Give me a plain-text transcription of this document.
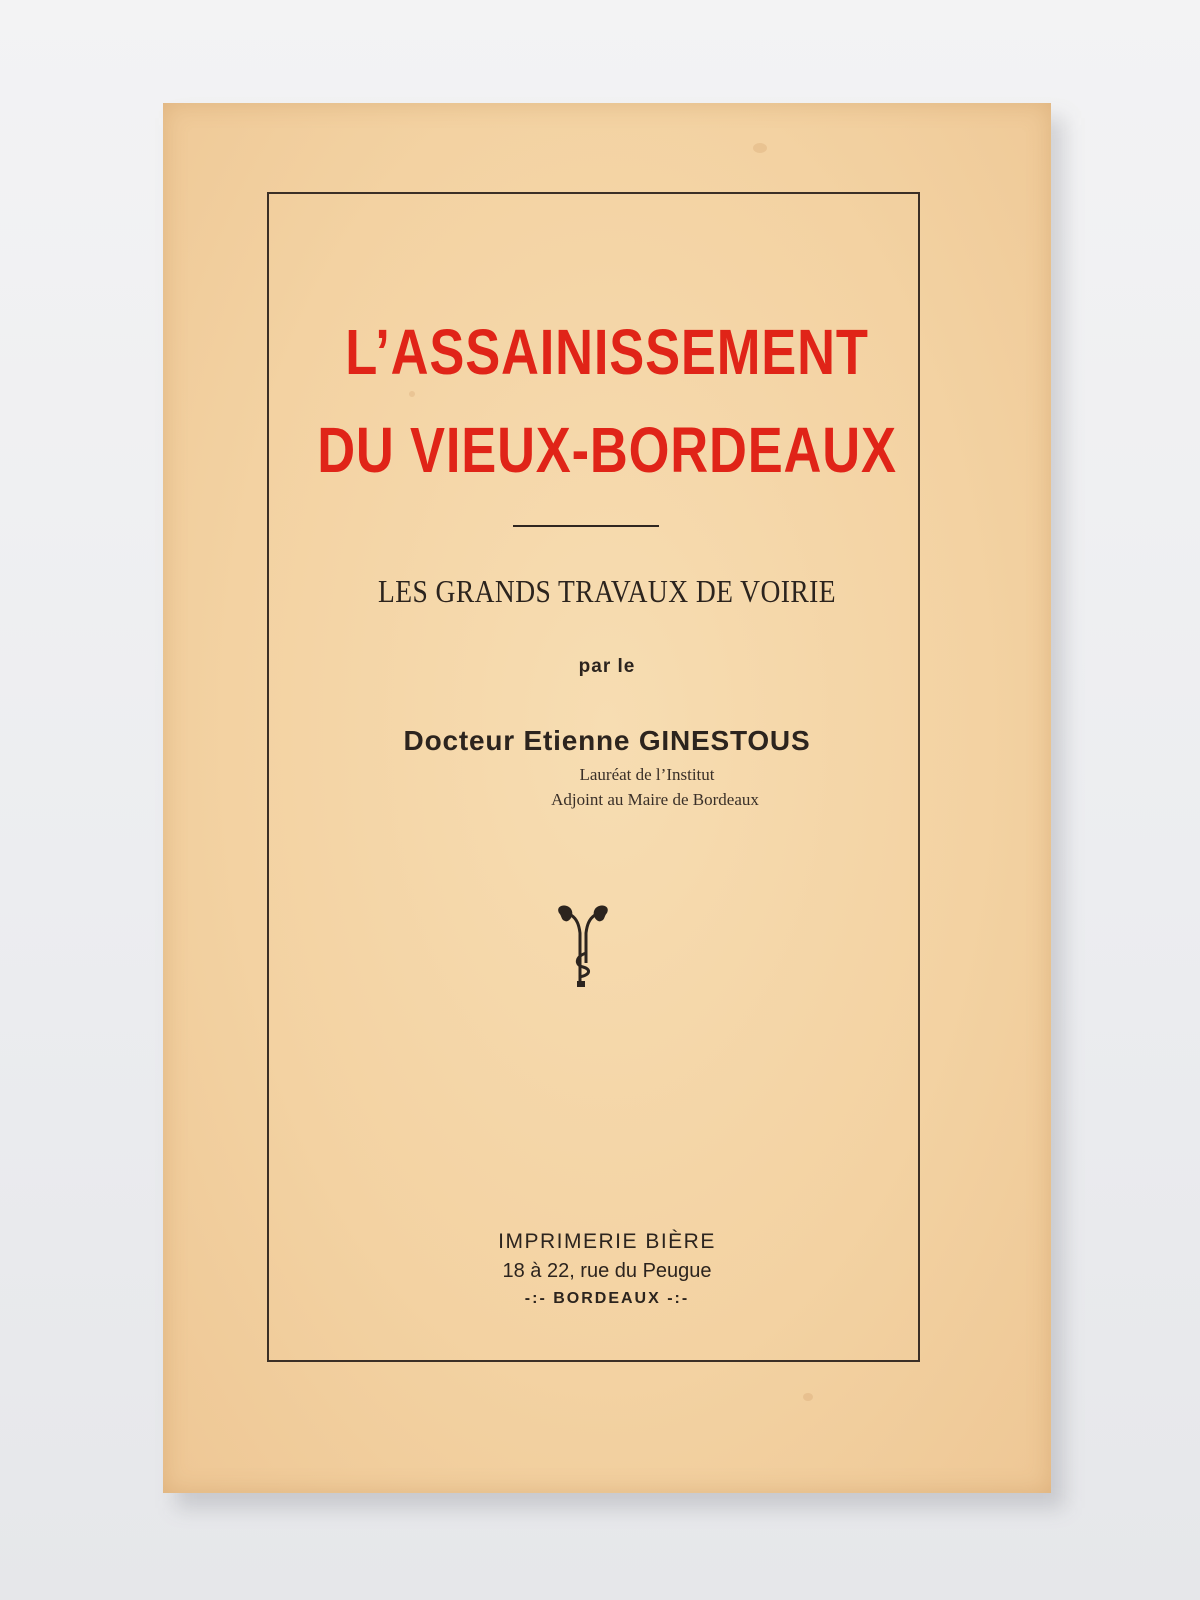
L’ASSAINISSEMENT
DU VIEUX-BORDEAUX
LES GRANDS TRAVAUX DE VOIRIE
par le
Docteur Etienne GINESTOUS
Lauréat de l’Institut
Adjoint au Maire de Bordeaux
IMPRIMERIE BIÈRE
18 à 22, rue du Peugue
-:- BORDEAUX -:-
